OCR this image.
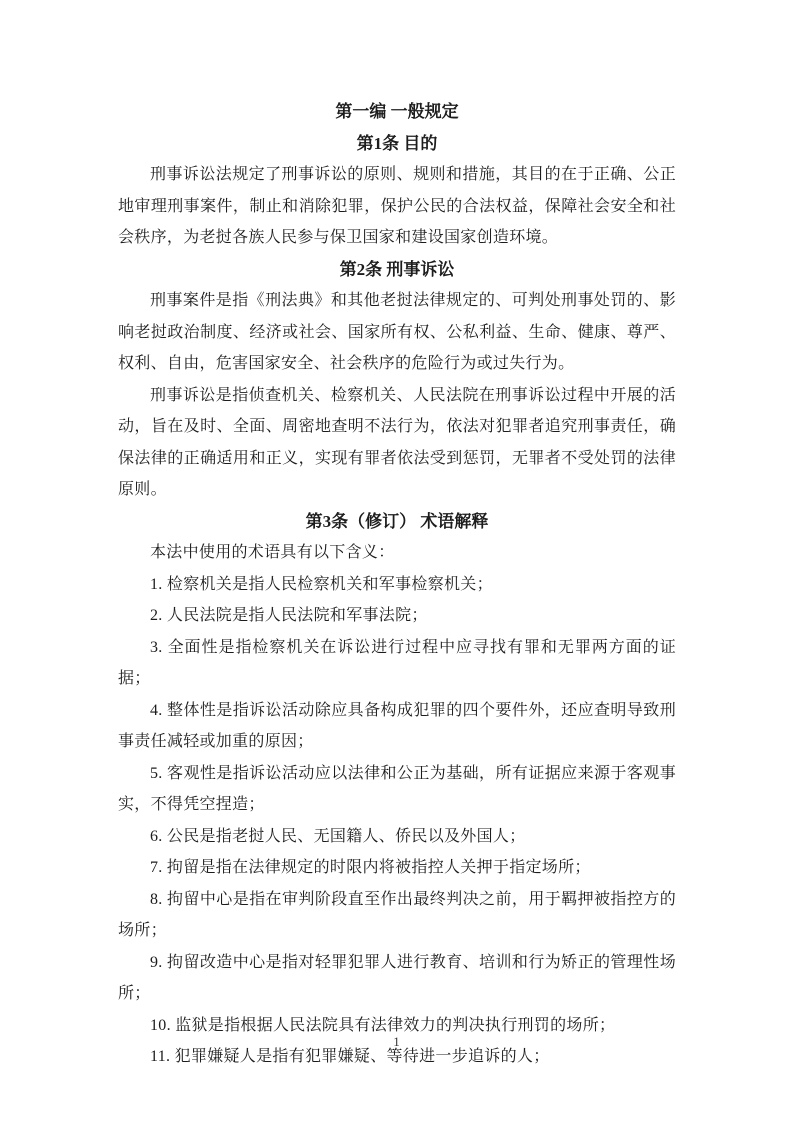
第一编 一般规定
第1条 目的

刑事诉讼法规定了刑事诉讼的原则、规则和措施，其目的在于正确、公正地审理刑事案件，制止和消除犯罪，保护公民的合法权益，保障社会安全和社会秩序，为老挝各族人民参与保卫国家和建设国家创造环境。

第2条 刑事诉讼

刑事案件是指《刑法典》和其他老挝法律规定的、可判处刑事处罚的、影响老挝政治制度、经济或社会、国家所有权、公私利益、生命、健康、尊严、权利、自由，危害国家安全、社会秩序的危险行为或过失行为。

刑事诉讼是指侦查机关、检察机关、人民法院在刑事诉讼过程中开展的活动，旨在及时、全面、周密地查明不法行为，依法对犯罪者追究刑事责任，确保法律的正确适用和正义，实现有罪者依法受到惩罚，无罪者不受处罚的法律原则。

第3条（修订） 术语解释

本法中使用的术语具有以下含义：

1. 检察机关是指人民检察机关和军事检察机关；

2. 人民法院是指人民法院和军事法院；

3. 全面性是指检察机关在诉讼进行过程中应寻找有罪和无罪两方面的证据；

4. 整体性是指诉讼活动除应具备构成犯罪的四个要件外，还应查明导致刑事责任减轻或加重的原因；

5. 客观性是指诉讼活动应以法律和公正为基础，所有证据应来源于客观事实，不得凭空捏造；

6. 公民是指老挝人民、无国籍人、侨民以及外国人；

7. 拘留是指在法律规定的时限内将被指控人关押于指定场所；

8. 拘留中心是指在审判阶段直至作出最终判决之前，用于羁押被指控方的场所；

9. 拘留改造中心是指对轻罪犯罪人进行教育、培训和行为矫正的管理性场所；

10. 监狱是指根据人民法院具有法律效力的判决执行刑罚的场所；

11. 犯罪嫌疑人是指有犯罪嫌疑、等待进一步追诉的人；

1
